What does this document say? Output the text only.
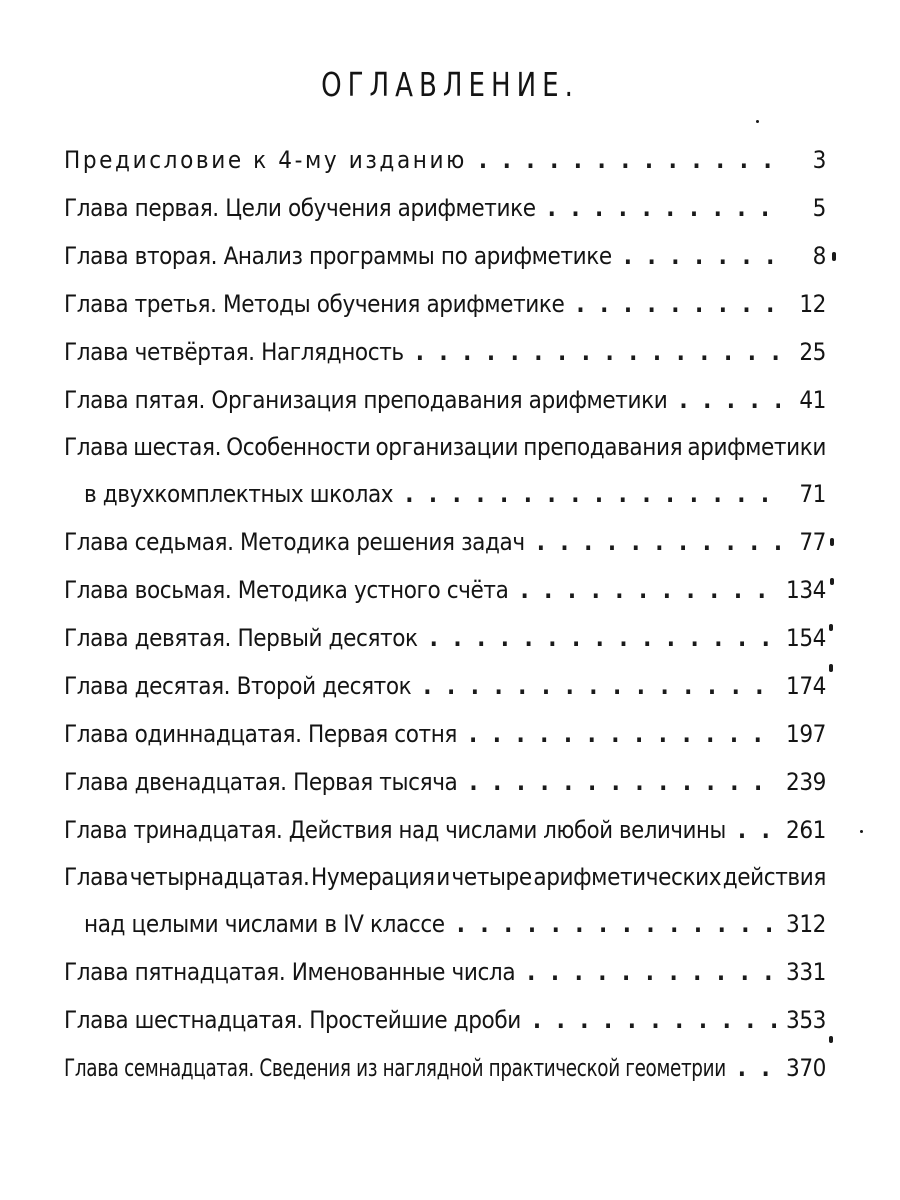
ОГЛАВЛЕНИЕ.
Предисловие к 4-му изданию . . .	3
Глава первая. Цели обучения арифметике . . .	5
Глава вторая. Анализ программы по арифметике . . .	8
Глава третья. Методы обучения арифметике . . .	12
Глава четвёртая. Наглядность . . .	25
Глава пятая. Организация преподавания арифметики . . .	41
Глава шестая. Особенности организации преподавания арифметики
в двухкомплектных школах . . .	71
Глава седьмая. Методика решения задач . . .	77
Глава восьмая. Методика устного счёта . . .	134
Глава девятая. Первый десяток . . .	154
Глава десятая. Второй десяток . . .	174
Глава одиннадцатая. Первая сотня . . .	197
Глава двенадцатая. Первая тысяча . . .	239
Глава тринадцатая. Действия над числами любой величины . . .	261
Глава четырнадцатая. Нумерация и четыре арифметических действия
над целыми числами в IV классе . . .	312
Глава пятнадцатая. Именованные числа . . .	331
Глава шестнадцатая. Простейшие дроби . . .	353
Глава семнадцатая. Сведения из наглядной практической геометрии . . .	370
